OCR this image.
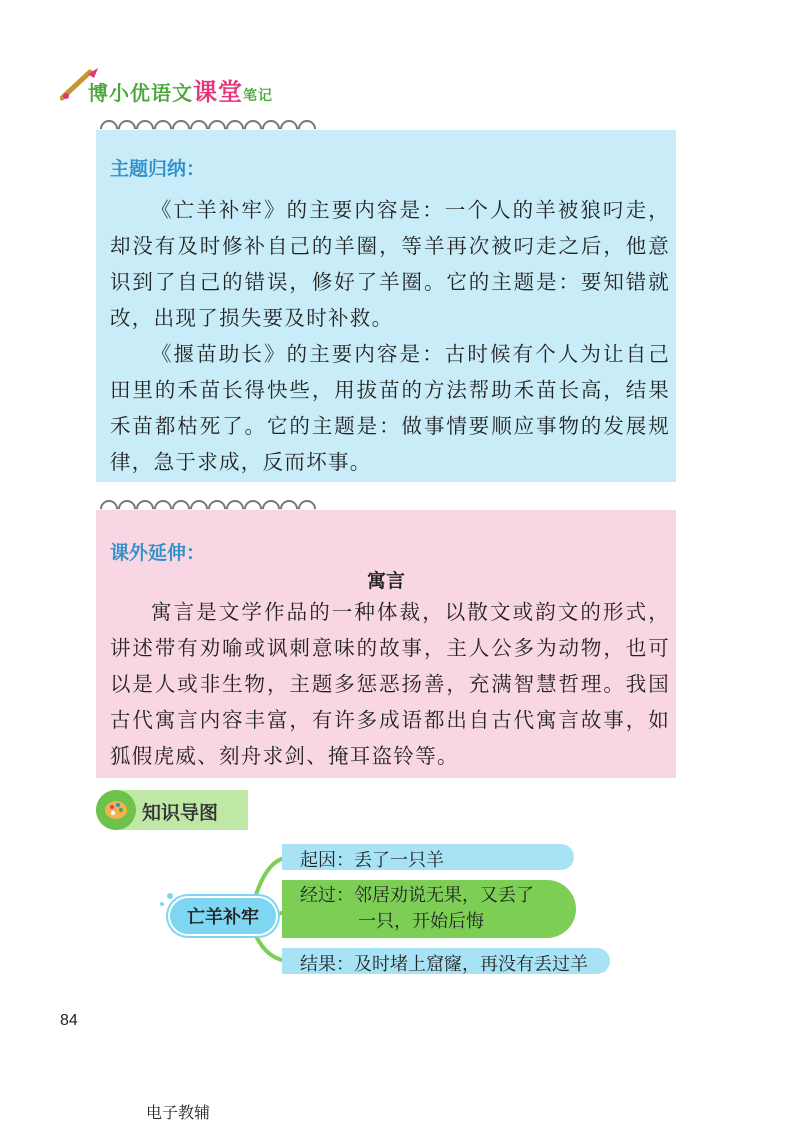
博小优语文课堂笔记
主题归纳：

《亡羊补牢》的主要内容是：一个人的羊被狼叼走，却没有及时修补自己的羊圈，等羊再次被叼走之后，他意识到了自己的错误，修好了羊圈。它的主题是：要知错就改，出现了损失要及时补救。

《揠苗助长》的主要内容是：古时候有个人为让自己田里的禾苗长得快些，用拔苗的方法帮助禾苗长高，结果禾苗都枯死了。它的主题是：做事情要顺应事物的发展规律，急于求成，反而坏事。

课外延伸：
寓言

寓言是文学作品的一种体裁，以散文或韵文的形式，讲述带有劝喻或讽刺意味的故事，主人公多为动物，也可以是人或非生物，主题多惩恶扬善，充满智慧哲理。我国古代寓言内容丰富，有许多成语都出自古代寓言故事，如狐假虎威、刻舟求剑、掩耳盗铃等。

知识导图
亡羊补牢
起因：丢了一只羊
经过：邻居劝说无果，又丢了
一只，开始后悔
结果：及时堵上窟窿，再没有丢过羊
84
电子教辅
